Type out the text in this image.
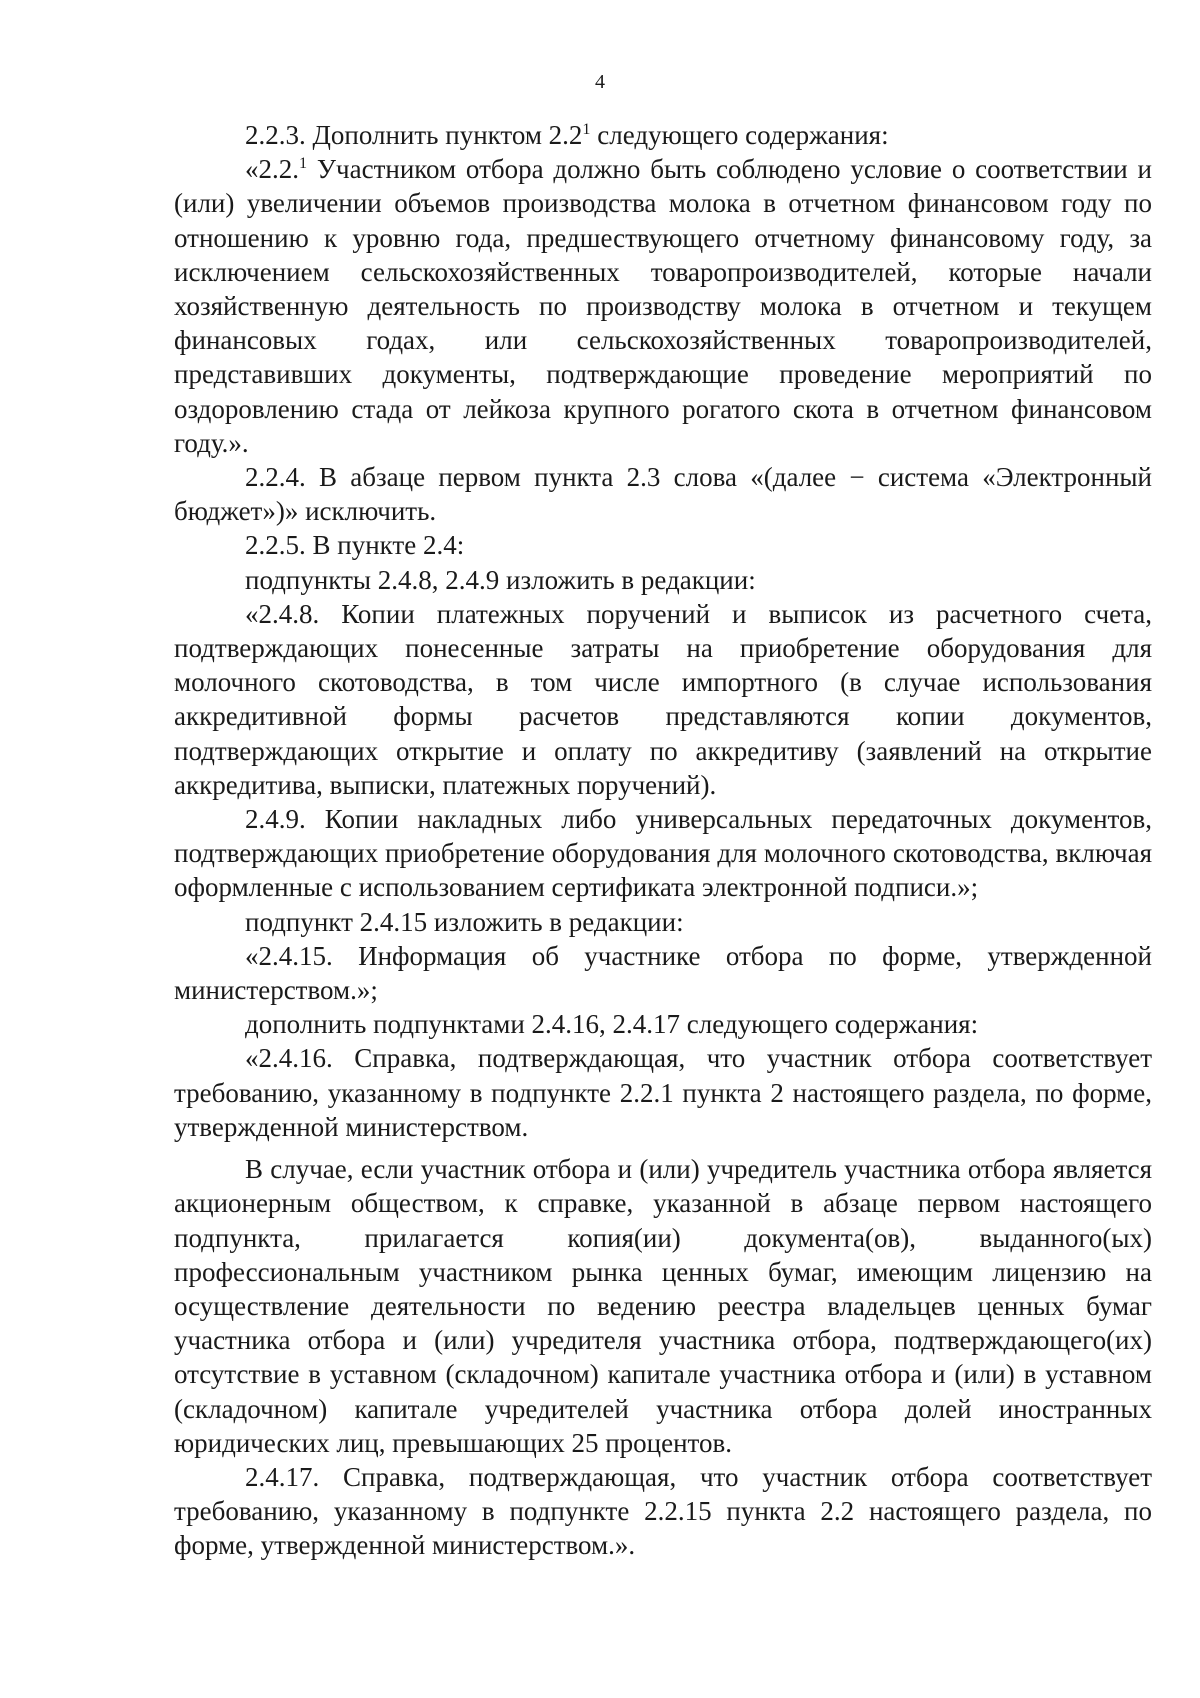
4

2.2.3. Дополнить пунктом $2.2^1$ следующего содержания:

«2.2.$^1$ Участником отбора должно быть соблюдено условие о соответствии и (или) увеличении объемов производства молока в отчетном финансовом году по отношению к уровню года, предшествующего отчетному финансовому году, за исключением сельскохозяйственных товаропроизводителей, которые начали хозяйственную деятельность по производству молока в отчетном и текущем финансовых годах, или сельскохозяйственных товаропроизводителей, представивших документы, подтверждающие проведение мероприятий по оздоровлению стада от лейкоза крупного рогатого скота в отчетном финансовом году.».

2.2.4. В абзаце первом пункта 2.3 слова «(далее − система «Электронный бюджет»)» исключить.

2.2.5. В пункте 2.4:

подпункты 2.4.8, 2.4.9 изложить в редакции:

«2.4.8. Копии платежных поручений и выписок из расчетного счета, подтверждающих понесенные затраты на приобретение оборудования для молочного скотоводства, в том числе импортного (в случае использования аккредитивной формы расчетов представляются копии документов, подтверждающих открытие и оплату по аккредитиву (заявлений на открытие аккредитива, выписки, платежных поручений).

2.4.9. Копии накладных либо универсальных передаточных документов, подтверждающих приобретение оборудования для молочного скотоводства, включая оформленные с использованием сертификата электронной подписи.»;

подпункт 2.4.15 изложить в редакции:

«2.4.15. Информация об участнике отбора по форме, утвержденной министерством.»;

дополнить подпунктами 2.4.16, 2.4.17 следующего содержания:

«2.4.16. Справка, подтверждающая, что участник отбора соответствует требованию, указанному в подпункте 2.2.1 пункта 2 настоящего раздела, по форме, утвержденной министерством.

В случае, если участник отбора и (или) учредитель участника отбора является акционерным обществом, к справке, указанной в абзаце первом настоящего подпункта, прилагается копия(ии) документа(ов), выданного(ых) профессиональным участником рынка ценных бумаг, имеющим лицензию на осуществление деятельности по ведению реестра владельцев ценных бумаг участника отбора и (или) учредителя участника отбора, подтверждающего(их) отсутствие в уставном (складочном) капитале участника отбора и (или) в уставном (складочном) капитале учредителей участника отбора долей иностранных юридических лиц, превышающих 25 процентов.

2.4.17. Справка, подтверждающая, что участник отбора соответствует требованию, указанному в подпункте 2.2.15 пункта 2.2 настоящего раздела, по форме, утвержденной министерством.».
